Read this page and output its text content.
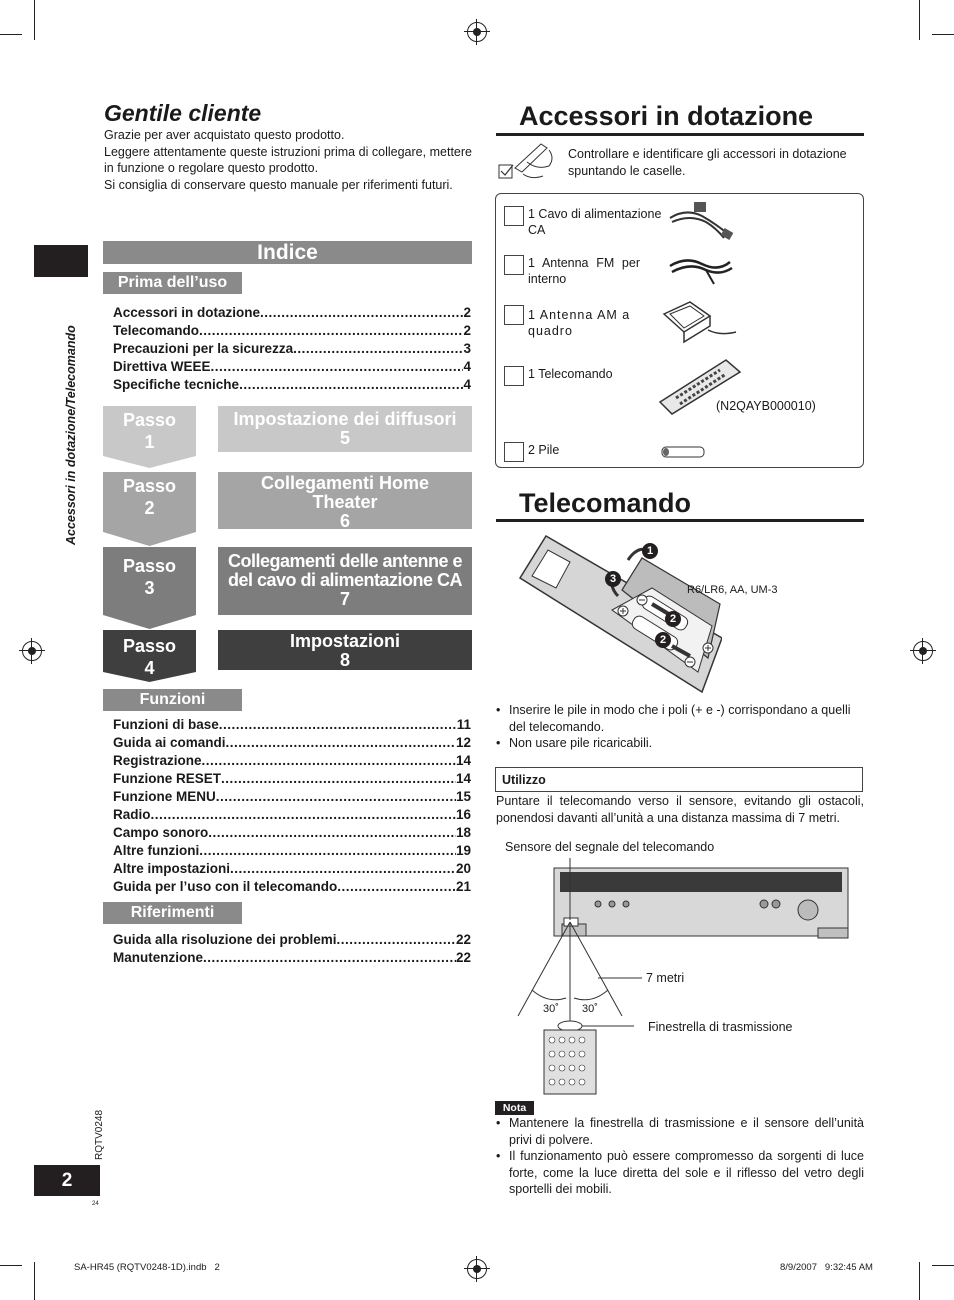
Accessori in dotazione/Telecomando
Gentile cliente

Grazie per aver acquistato questo prodotto.

Leggere attentamente queste istruzioni prima di collegare, mettere in funzione o regolare questo prodotto.

Si consiglia di conservare questo manuale per riferimenti futuri.

Indice
Prima dell’uso
Accessori in dotazione .....	2
Telecomando .....	2
Precauzioni per la sicurezza .....	3
Direttiva WEEE .....	4
Specifiche tecniche .....	4
Passo
1
Impostazione dei diffusori
5
Passo
2
Collegamenti Home Theater
6
Passo
3
Collegamenti delle antenne e del cavo di alimentazione CA
7
Passo
4
Impostazioni
8
Funzioni
Funzioni di base .....	11
Guida ai comandi .....	12
Registrazione .....	14
Funzione RESET .....	14
Funzione MENU .....	15
Radio .....	16
Campo sonoro .....	18
Altre funzioni .....	19
Altre impostazioni .....	20
Guida per l’uso con il telecomando .....	21
Riferimenti
Guida alla risoluzione dei problemi .....	22
Manutenzione .....	22
RQTV0248
2
24
SA-HR45 (RQTV0248-1D).indb   2	8/9/2007   9:32:45 AM
Accessori in dotazione
Controllare e identificare gli accessori in dotazione spuntando le caselle.
1 Cavo di alimentazione CA
1 Antenna FM per interno
1 Antenna AM a quadro
1 Telecomando
2 Pile
(N2QAYB000010)
Telecomando
1
2
2
3
R6/LR6, AA, UM-3
• Inserire le pile in modo che i poli (+ e -) corrispondano a quelli del telecomando.
• Non usare pile ricaricabili.
Utilizzo
Puntare il telecomando verso il sensore, evitando gli ostacoli, ponendosi davanti all’unità a una distanza massima di 7 metri.
Sensore del segnale del telecomando
7 metri
30˚ 30˚
Finestrella di trasmissione
Nota
• Mantenere la finestrella di trasmissione e il sensore dell’unità privi di polvere.
• Il funzionamento può essere compromesso da sorgenti di luce forte, come la luce diretta del sole e il riflesso del vetro degli sportelli dei mobili.
